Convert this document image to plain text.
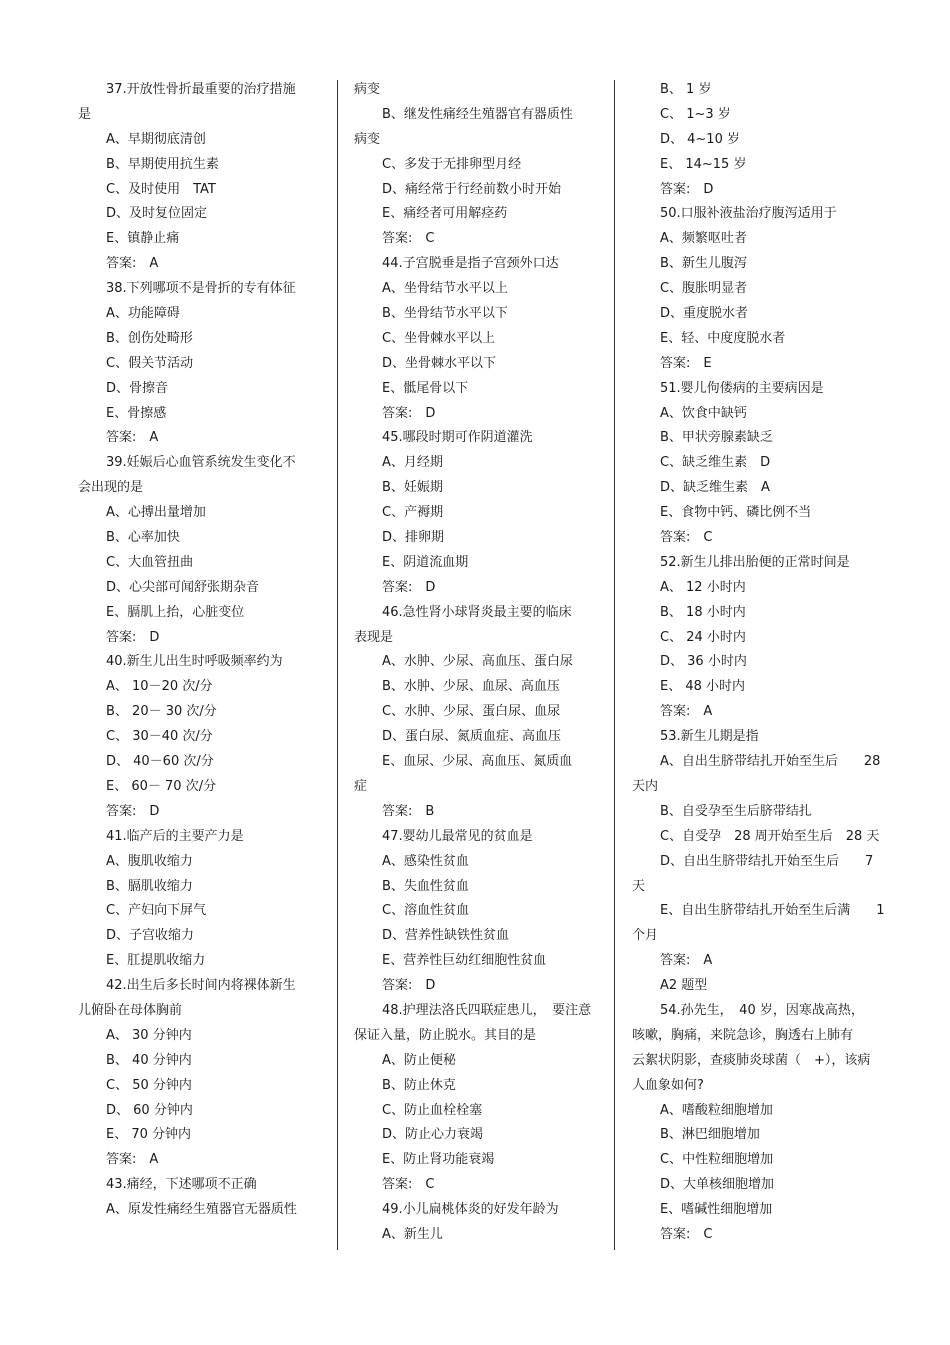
37.开放性骨折最重要的治疗措施
是
A、早期彻底清创
B、早期使用抗生素
C、及时使用　TAT
D、及时复位固定
E、镇静止痛
答案:　A
38.下列哪项不是骨折的专有体征
A、功能障碍
B、创伤处畸形
C、假关节活动
D、骨擦音
E、骨擦感
答案:　A
39.妊娠后心血管系统发生变化不
会出现的是
A、心搏出量增加
B、心率加快
C、大血管扭曲
D、心尖部可闻舒张期杂音
E、膈肌上抬，心脏变位
答案:　D
40.新生儿出生时呼吸频率约为
A、 10－20 次/分
B、 20－ 30 次/分
C、 30－40 次/分
D、 40－60 次/分
E、 60－ 70 次/分
答案:　D
41.临产后的主要产力是
A、腹肌收缩力
B、膈肌收缩力
C、产妇向下屏气
D、子宫收缩力
E、肛提肌收缩力
42.出生后多长时间内将裸体新生
儿俯卧在母体胸前
A、 30 分钟内
B、 40 分钟内
C、 50 分钟内
D、 60 分钟内
E、 70 分钟内
答案:　A
43.痛经，下述哪项不正确
A、原发性痛经生殖器官无器质性
病变
B、继发性痛经生殖器官有器质性
病变
C、多发于无排卵型月经
D、痛经常于行经前数小时开始
E、痛经者可用解痉药
答案:　C
44.子宫脱垂是指子宫颈外口达
A、坐骨结节水平以上
B、坐骨结节水平以下
C、坐骨棘水平以上
D、坐骨棘水平以下
E、骶尾骨以下
答案:　D
45.哪段时期可作阴道灌洗
A、月经期
B、妊娠期
C、产褥期
D、排卵期
E、阴道流血期
答案:　D
46.急性肾小球肾炎最主要的临床
表现是
A、水肿、少尿、高血压、蛋白尿
B、水肿、少尿、血尿、高血压
C、水肿、少尿、蛋白尿、血尿
D、蛋白尿、氮质血症、高血压
E、血尿、少尿、高血压、氮质血
症
答案:　B
47.婴幼儿最常见的贫血是
A、感染性贫血
B、失血性贫血
C、溶血性贫血
D、营养性缺铁性贫血
E、营养性巨幼红细胞性贫血
答案:　D
48.护理法洛氏四联症患儿，　要注意
保证入量，防止脱水。其目的是
A、防止便秘
B、防止休克
C、防止血栓栓塞
D、防止心力衰竭
E、防止肾功能衰竭
答案:　C
49.小儿扁桃体炎的好发年龄为
A、新生儿
B、 1 岁
C、 1~3 岁
D、 4~10 岁
E、 14~15 岁
答案:　D
50.口服补液盐治疗腹泻适用于
A、频繁呕吐者
B、新生儿腹泻
C、腹胀明显者
D、重度脱水者
E、轻、中度度脱水者
答案:　E
51.婴儿佝偻病的主要病因是
A、饮食中缺钙
B、甲状旁腺素缺乏
C、缺乏维生素　D
D、缺乏维生素　A
E、食物中钙、磷比例不当
答案:　C
52.新生儿排出胎便的正常时间是
A、 12 小时内
B、 18 小时内
C、 24 小时内
D、 36 小时内
E、 48 小时内
答案:　A
53.新生儿期是指
A、自出生脐带结扎开始至生后　　28
天内
B、自受孕至生后脐带结扎
C、自受孕　28 周开始至生后　28 天
D、自出生脐带结扎开始至生后　　7
天
E、自出生脐带结扎开始至生后满　　1
个月
答案:　A
A2 题型
54.孙先生，　40 岁，因寒战高热，
咳嗽，胸痛，来院急诊，胸透右上肺有
云絮状阴影，查痰肺炎球菌（　+），该病
人血象如何?
A、嗜酸粒细胞增加
B、淋巴细胞增加
C、中性粒细胞增加
D、大单核细胞增加
E、嗜碱性细胞增加
答案:　C
